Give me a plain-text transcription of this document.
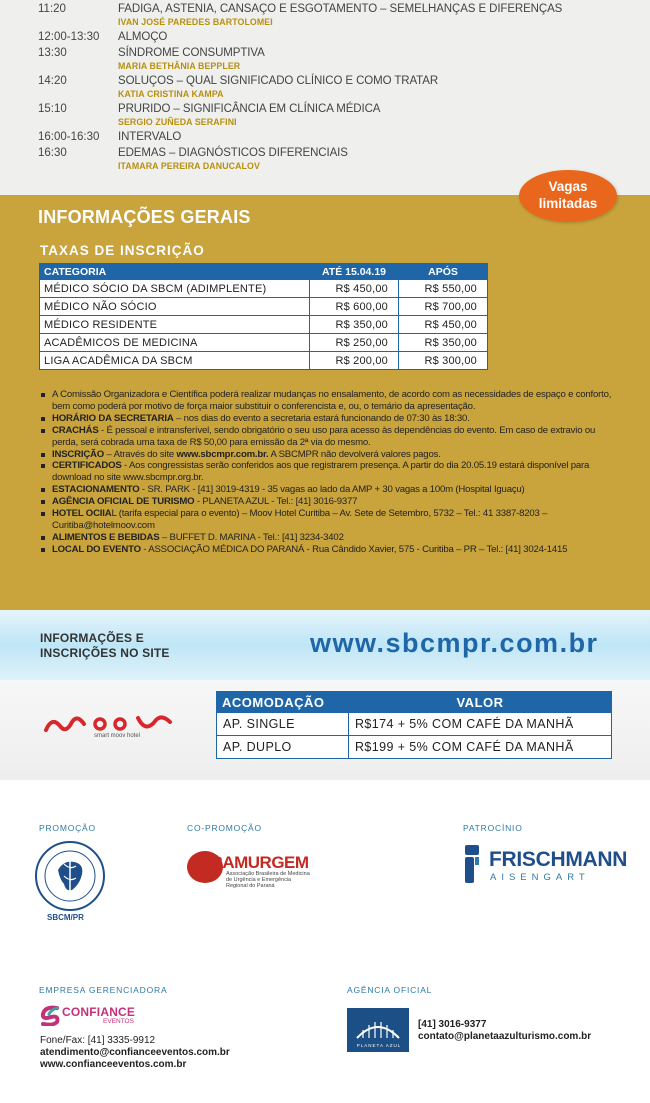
11:20	FADIGA, ASTENIA, CANSAÇO E ESGOTAMENTO – SEMELHANÇAS E DIFERENÇAS
IVAN JOSÉ PAREDES BARTOLOMEI
12:00-13:30 ALMOÇO
13:30	SÍNDROME CONSUMPTIVA
MARIA BETHÂNIA BEPPLER
14:20	SOLUÇOS – QUAL SIGNIFICADO CLÍNICO E COMO TRATAR
KATIA CRISTINA KAMPA
15:10	PRURIDO – SIGNIFICÂNCIA EM CLÍNICA MÉDICA
SERGIO ZUÑEDA SERAFINI
16:00-16:30 INTERVALO
16:30	EDEMAS – DIAGNÓSTICOS DIFERENCIAIS
ITAMARA PEREIRA DANUCALOV
INFORMAÇÕES GERAIS
Vagas
limitadas
TAXAS DE INSCRIÇÃO
CATEGORIA	ATÉ 15.04.19	APÓS
MÉDICO SÓCIO DA SBCM (ADIMPLENTE)	R$ 450,00	R$ 550,00
MÉDICO NÃO SÓCIO	R$ 600,00	R$ 700,00
MÉDICO RESIDENTE	R$ 350,00	R$ 450,00
ACADÊMICOS DE MEDICINA	R$ 250,00	R$ 350,00
LIGA ACADÊMICA DA SBCM	R$ 200,00	R$ 300,00
A Comissão Organizadora e Científica poderá realizar mudanças no ensalamento, de acordo com as necessidades de espaço e conforto, bem como poderá por motivo de força maior substituir o conferencista e, ou, o temário da apresentação.
HORÁRIO DA SECRETARIA – nos dias do evento a secretaria estará funcionando de 07:30 às 18:30.
CRACHÁS - É pessoal e intransferível, sendo obrigatório o seu uso para acesso às dependências do evento. Em caso de extravio ou perda, será cobrada uma taxa de R$ 50,00 para emissão da 2ª via do mesmo.
INSCRIÇÃO – Através do site www.sbcmpr.com.br. A SBCMPR não devolverá valores pagos.
CERTIFICADOS - Aos congressistas serão conferidos aos que registrarem presença. A partir do dia 20.05.19 estará disponível para download no site www.sbcmpr.org.br.
ESTACIONAMENTO - SR. PARK - [41] 3019-4319 - 35 vagas ao lado da AMP + 30 vagas a 100m (Hospital Iguaçu)
AGÊNCIA OFICIAL DE TURISMO - PLANETA AZUL - Tel.: [41] 3016-9377
HOTEL OCIIAL (tarifa especial para o evento) – Moov Hotel Curitiba – Av. Sete de Setembro, 5732 – Tel.: 41 3387-8203 – Curitiba@hotelmoov.com
ALIMENTOS E BEBIDAS – BUFFET D. MARINA - Tel.: [41] 3234-3402
LOCAL DO EVENTO - ASSOCIAÇÃO MÉDICA DO PARANÁ - Rua Cândido Xavier, 575 - Curitiba – PR – Tel.: [41] 3024-1415
INFORMAÇÕES E
INSCRIÇÕES NO SITE	www.sbcmpr.com.br
smart moov hotel
ACOMODAÇÃO	VALOR
AP. SINGLE	R$174 + 5% COM CAFÉ DA MANHÃ
AP. DUPLO	R$199 + 5% COM CAFÉ DA MANHÃ
PROMOÇÃO	CO-PROMOÇÃO	PATROCÍNIO
SBCM/PR
ABRAMURGEM
Associação Brasileira de Medicina
de Urgência e Emergência
Regional do Paraná
FRISCHMANN
AISENGART
EMPRESA GERENCIADORA	AGÊNCIA OFICIAL
CONFIANCE
EVENTOS
Fone/Fax: [41] 3335-9912
atendimento@confianceeventos.com.br
www.confianceeventos.com.br
PLANETA AZUL
[41] 3016-9377
contato@planetaazulturismo.com.br
